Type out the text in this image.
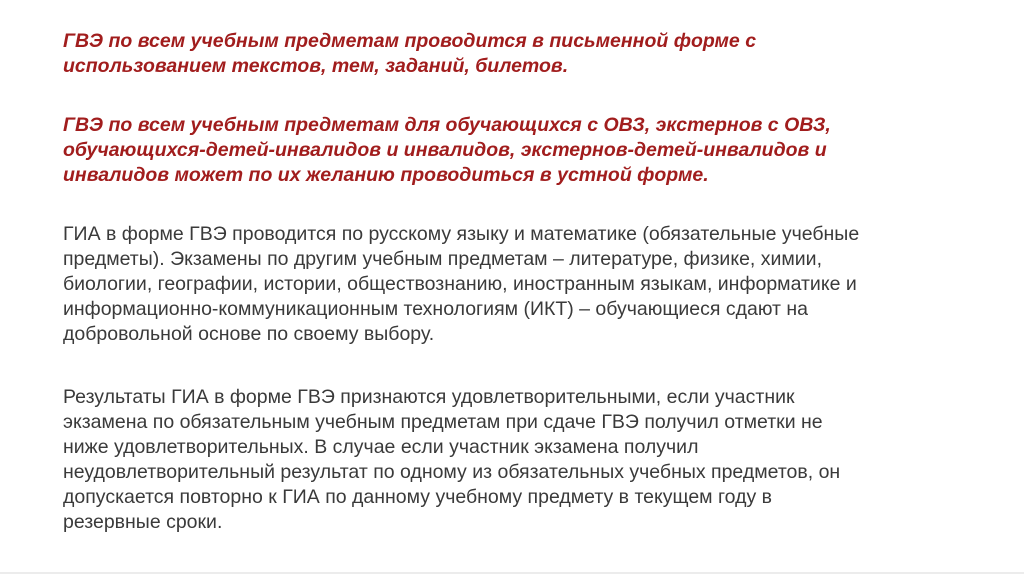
ГВЭ по всем учебным предметам проводится в письменной форме с
использованием текстов, тем, заданий, билетов.

ГВЭ по всем учебным предметам для обучающихся с ОВЗ, экстернов с ОВЗ,
обучающихся-детей-инвалидов и инвалидов, экстернов-детей-инвалидов и
инвалидов может по их желанию проводиться в устной форме.

ГИА в форме ГВЭ проводится по русскому языку и математике (обязательные учебные
предметы). Экзамены по другим учебным предметам – литературе, физике, химии,
биологии, географии, истории, обществознанию, иностранным языкам, информатике и
информационно-коммуникационным технологиям (ИКТ) – обучающиеся сдают на
добровольной основе по своему выбору.

Результаты ГИА в форме ГВЭ признаются удовлетворительными, если участник
экзамена по обязательным учебным предметам при сдаче ГВЭ получил отметки не
ниже удовлетворительных. В случае если участник экзамена получил
неудовлетворительный результат по одному из обязательных учебных предметов, он
допускается повторно к ГИА по данному учебному предмету в текущем году в
резервные сроки.
